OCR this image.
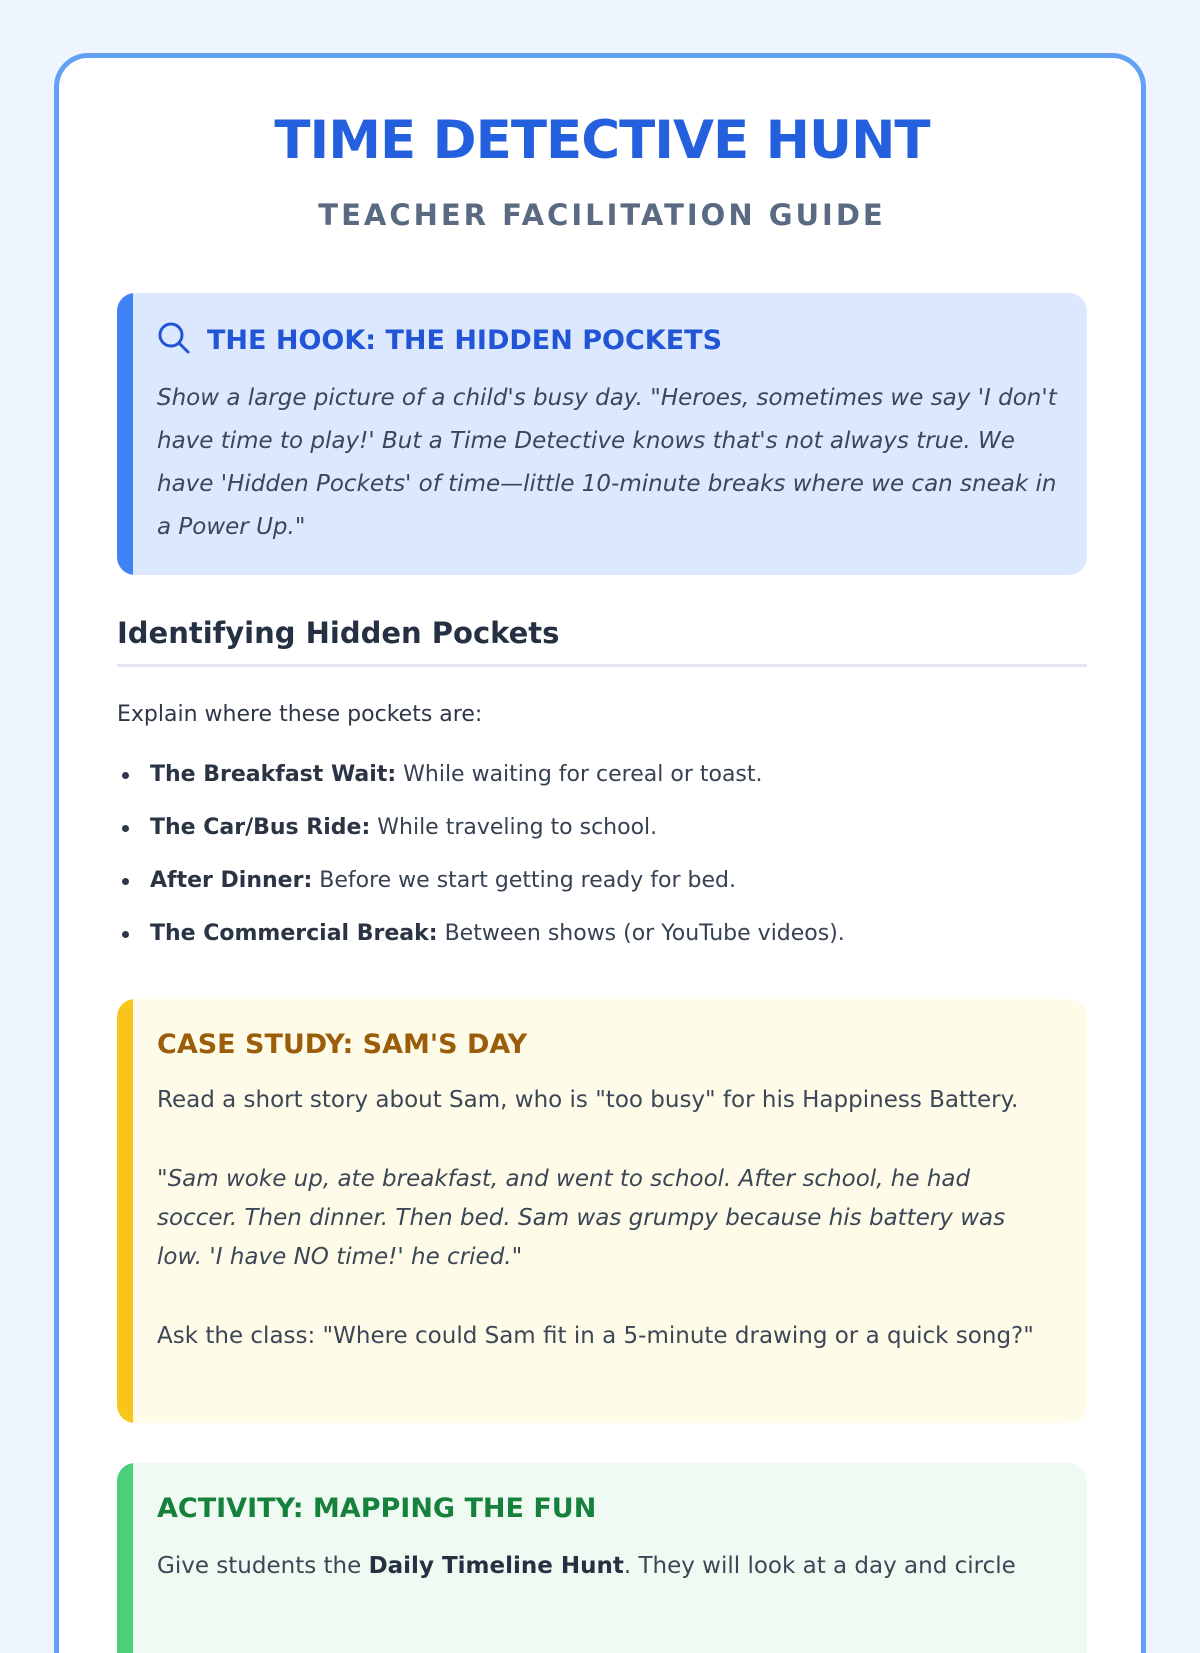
TIME DETECTIVE HUNT
TEACHER FACILITATION GUIDE
THE HOOK: THE HIDDEN POCKETS
Show a large picture of a child's busy day. "Heroes, sometimes we say 'I don't have time to play!' But a Time Detective knows that's not always true. We have 'Hidden Pockets' of time—little 10-minute breaks where we can sneak in a Power Up."
Identifying Hidden Pockets
Explain where these pockets are:
The Breakfast Wait: While waiting for cereal or toast.
The Car/Bus Ride: While traveling to school.
After Dinner: Before we start getting ready for bed.
The Commercial Break: Between shows (or YouTube videos).
CASE STUDY: SAM'S DAY
Read a short story about Sam, who is "too busy" for his Happiness Battery.
"Sam woke up, ate breakfast, and went to school. After school, he had soccer. Then dinner. Then bed. Sam was grumpy because his battery was low. 'I have NO time!' he cried."
Ask the class: "Where could Sam fit in a 5-minute drawing or a quick song?"
ACTIVITY: MAPPING THE FUN
Give students the Daily Timeline Hunt. They will look at a day and circle
